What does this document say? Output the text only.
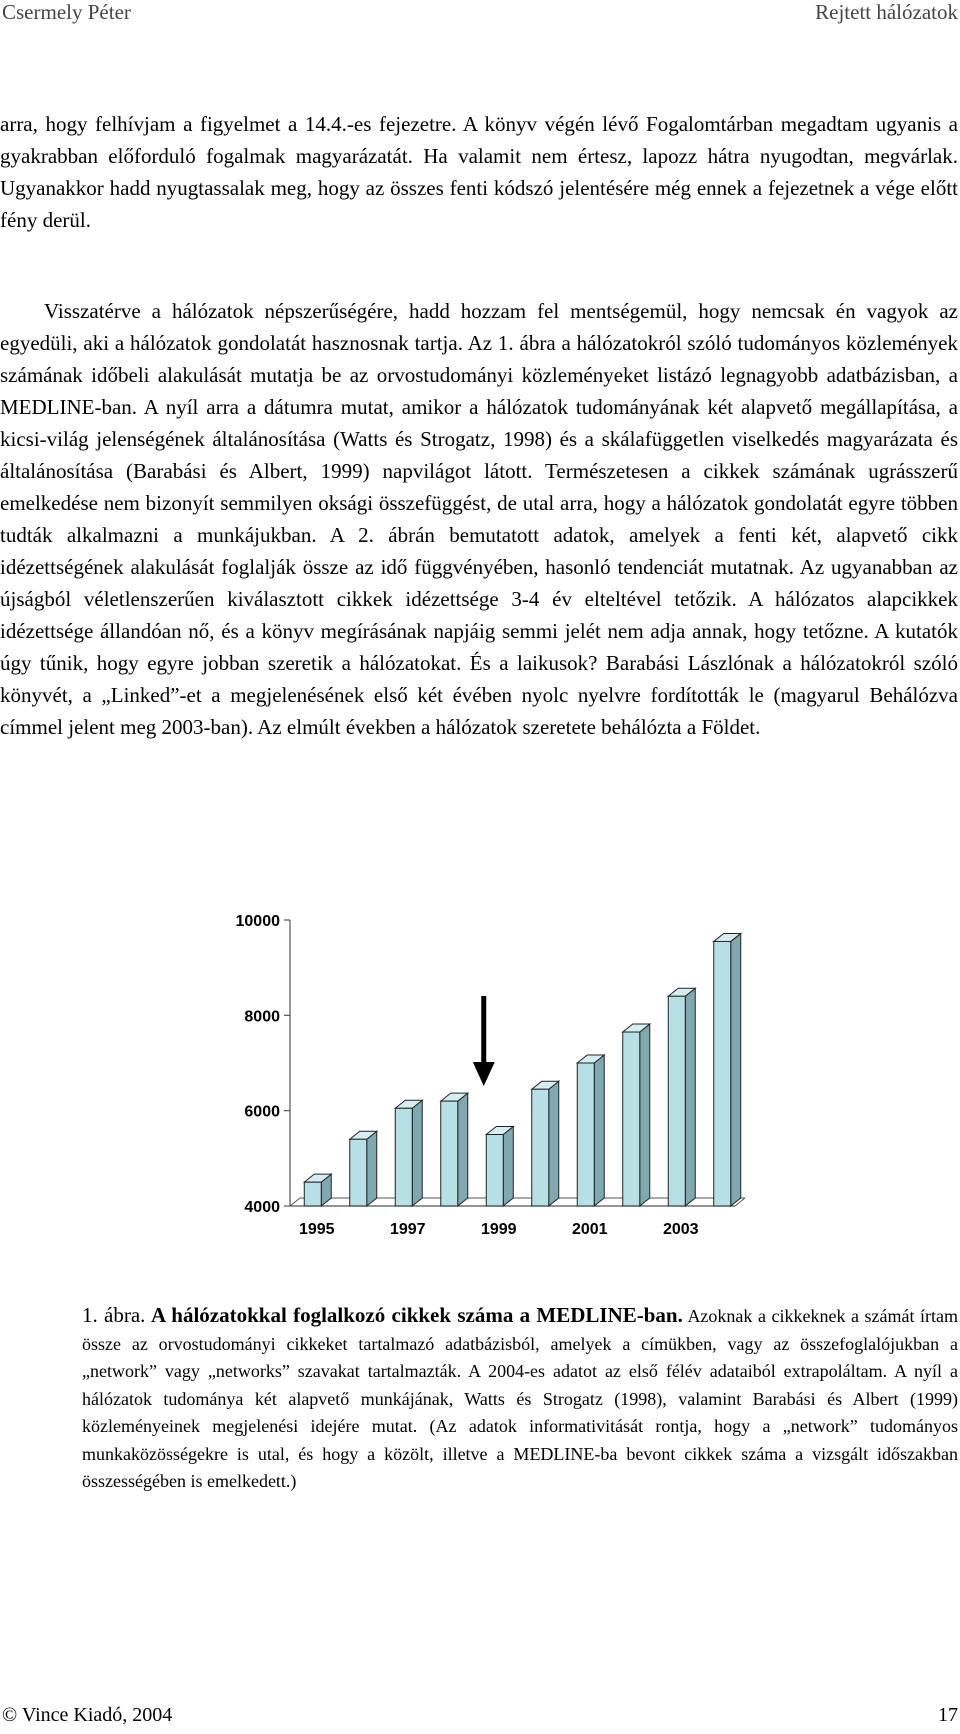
Csermely Péter	Rejtett hálózatok

arra, hogy felhívjam a figyelmet a 14.4.-es fejezetre. A könyv végén lévő Fogalomtárban megadtam ugyanis a gyakrabban előforduló fogalmak magyarázatát. Ha valamit nem értesz, lapozz hátra nyugodtan, megvárlak. Ugyanakkor hadd nyugtassalak meg, hogy az összes fenti kódszó jelentésére még ennek a fejezetnek a vége előtt fény derül.

Visszatérve a hálózatok népszerűségére, hadd hozzam fel mentségemül, hogy nemcsak én vagyok az egyedüli, aki a hálózatok gondolatát hasznosnak tartja. Az 1. ábra a hálózatokról szóló tudományos közlemények számának időbeli alakulását mutatja be az orvostudományi közleményeket listázó legnagyobb adatbázisban, a MEDLINE-ban. A nyíl arra a dátumra mutat, amikor a hálózatok tudományának két alapvető megállapítása, a kicsi-világ jelenségének általánosítása (Watts és Strogatz, 1998) és a skálafüggetlen viselkedés magyarázata és általánosítása (Barabási és Albert, 1999) napvilágot látott. Természetesen a cikkek számának ugrásszerű emelkedése nem bizonyít semmilyen oksági összefüggést, de utal arra, hogy a hálózatok gondolatát egyre többen tudták alkalmazni a munkájukban. A 2. ábrán bemutatott adatok, amelyek a fenti két, alapvető cikk idézettségének alakulását foglalják össze az idő függvényében, hasonló tendenciát mutatnak. Az ugyanabban az újságból véletlenszerűen kiválasztott cikkek idézettsége 3-4 év elteltével tetőzik. A hálózatos alapcikkek idézettsége állandóan nő, és a könyv megírásának napjáig semmi jelét nem adja annak, hogy tetőzne. A kutatók úgy tűnik, hogy egyre jobban szeretik a hálózatokat. És a laikusok? Barabási Lászlónak a hálózatokról szóló könyvét, a „Linked”-et a megjelenésének első két évében nyolc nyelvre fordították le (magyarul Behálózva címmel jelent meg 2003-ban). Az elmúlt években a hálózatok szeretete behálózta a Földet.

4000
6000
8000
10000
1995	1997	1999	2001	2003

1. ábra. A hálózatokkal foglalkozó cikkek száma a MEDLINE-ban. Azoknak a cikkeknek a számát írtam össze az orvostudományi cikkeket tartalmazó adatbázisból, amelyek a címükben, vagy az összefoglalójukban a „network” vagy „networks” szavakat tartalmazták. A 2004-es adatot az első félév adataiból extrapoláltam. A nyíl a hálózatok tudománya két alapvető munkájának, Watts és Strogatz (1998), valamint Barabási és Albert (1999) közleményeinek megjelenési idejére mutat. (Az adatok informativitását rontja, hogy a „network” tudományos munkaközösségekre is utal, és hogy a közölt, illetve a MEDLINE-ba bevont cikkek száma a vizsgált időszakban összességében is emelkedett.)

© Vince Kiadó, 2004	17
